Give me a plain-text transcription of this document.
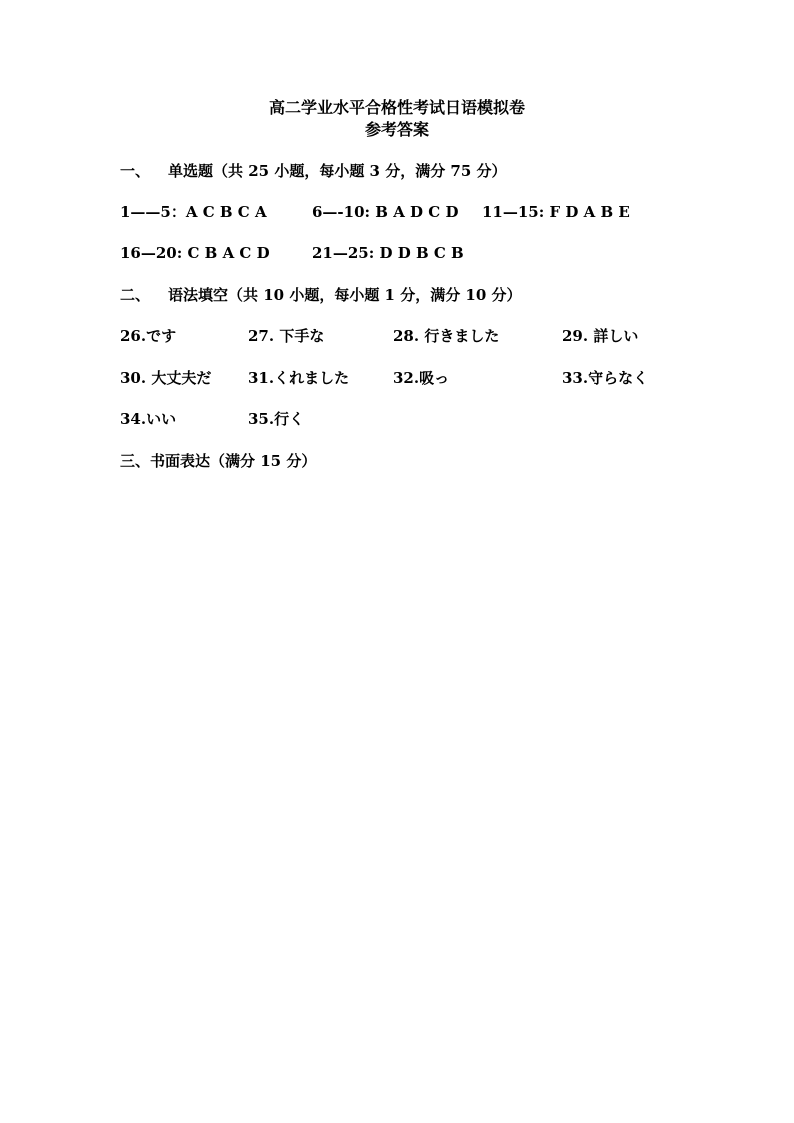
高二学业水平合格性考试日语模拟卷
参考答案
一、 单选题（共 25 小题，每小题 3 分，满分 75 分）
1——5：A C B C A	6—-10: B A D C D 11—15: F D A B E
16—20: C B A C D	21—25: D D B C B
二、 语法填空（共 10 小题，每小题 1 分，满分 10 分）
26.です	27. 下手な	28. 行きました	29. 詳しい
30. 大丈夫だ 31.くれました	32.吸っ	33.守らなく
34.いい	35.行く
三、书面表达（满分 15 分）
